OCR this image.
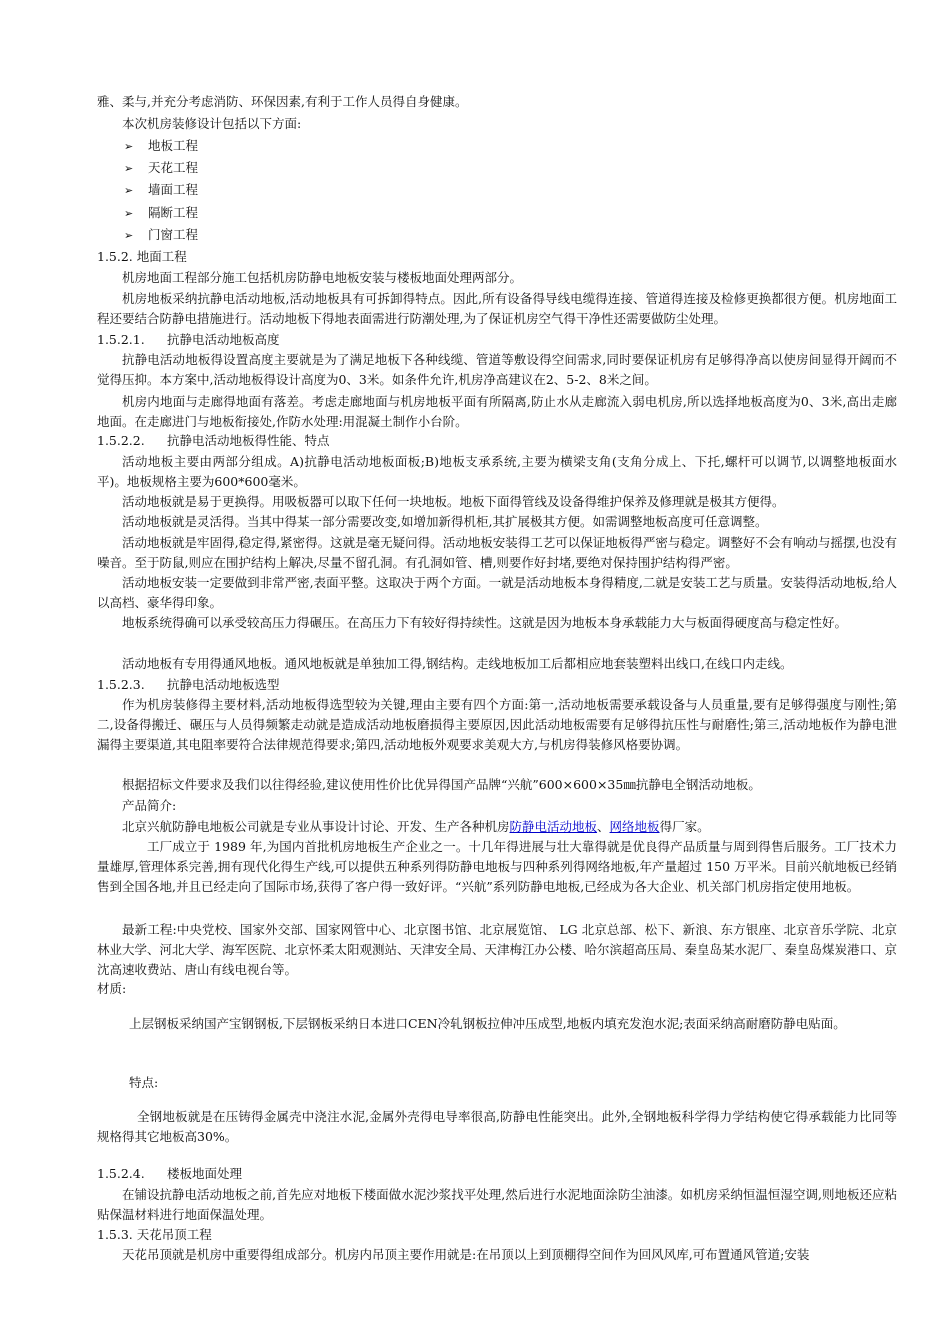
雅、柔与,并充分考虑消防、环保因素,有利于工作人员得自身健康。

本次机房装修设计包括以下方面:

➢ 地板工程

➢ 天花工程

➢ 墙面工程

➢ 隔断工程

➢ 门窗工程

1.5.2. 地面工程

机房地面工程部分施工包括机房防静电地板安装与楼板地面处理两部分。

机房地板采纳抗静电活动地板,活动地板具有可拆卸得特点。因此,所有设备得导线电缆得连接、管道得连接及检修更换都很方便。机房地面工程还要结合防静电措施进行。活动地板下得地表面需进行防潮处理,为了保证机房空气得干净性还需要做防尘处理。

1.5.2.1. 抗静电活动地板高度

抗静电活动地板得设置高度主要就是为了满足地板下各种线缆、管道等敷设得空间需求,同时要保证机房有足够得净高以使房间显得开阔而不觉得压抑。本方案中,活动地板得设计高度为0、3米。如条件允许,机房净高建议在2、5-2、8米之间。

机房内地面与走廊得地面有落差。考虑走廊地面与机房地板平面有所隔离,防止水从走廊流入弱电机房,所以选择地板高度为0、3米,高出走廊地面。在走廊进门与地板衔接处,作防水处理:用混凝土制作小台阶。

1.5.2.2. 抗静电活动地板得性能、特点

活动地板主要由两部分组成。A)抗静电活动地板面板;B)地板支承系统,主要为横梁支角(支角分成上、下托,螺杆可以调节,以调整地板面水平)。地板规格主要为600*600毫米。

活动地板就是易于更换得。用吸板器可以取下任何一块地板。地板下面得管线及设备得维护保养及修理就是极其方便得。

活动地板就是灵活得。当其中得某一部分需要改变,如增加新得机柜,其扩展极其方便。如需调整地板高度可任意调整。

活动地板就是牢固得,稳定得,紧密得。这就是毫无疑问得。活动地板安装得工艺可以保证地板得严密与稳定。调整好不会有响动与摇摆,也没有噪音。至于防鼠,则应在围护结构上解决,尽量不留孔洞。有孔洞如管、槽,则要作好封堵,要绝对保持围护结构得严密。

活动地板安装一定要做到非常严密,表面平整。这取决于两个方面。一就是活动地板本身得精度,二就是安装工艺与质量。安装得活动地板,给人以高档、豪华得印象。

地板系统得确可以承受较高压力得碾压。在高压力下有较好得持续性。这就是因为地板本身承载能力大与板面得硬度高与稳定性好。

活动地板有专用得通风地板。通风地板就是单独加工得,钢结构。走线地板加工后都相应地套装塑料出线口,在线口内走线。

1.5.2.3. 抗静电活动地板选型

作为机房装修得主要材料,活动地板得选型较为关键,理由主要有四个方面:第一,活动地板需要承载设备与人员重量,要有足够得强度与刚性;第二,设备得搬迁、碾压与人员得频繁走动就是造成活动地板磨损得主要原因,因此活动地板需要有足够得抗压性与耐磨性;第三,活动地板作为静电泄漏得主要渠道,其电阻率要符合法律规范得要求;第四,活动地板外观要求美观大方,与机房得装修风格要协调。

根据招标文件要求及我们以往得经验,建议使用性价比优异得国产品牌“兴航”600×600×35㎜抗静电全钢活动地板。

产品简介:

北京兴航防静电地板公司就是专业从事设计讨论、开发、生产各种机房防静电活动地板、网络地板得厂家。

工厂成立于 1989 年,为国内首批机房地板生产企业之一。十几年得进展与壮大靠得就是优良得产品质量与周到得售后服务。工厂技术力量雄厚,管理体系完善,拥有现代化得生产线,可以提供五种系列得防静电地板与四种系列得网络地板,年产量超过 150 万平米。目前兴航地板已经销售到全国各地,并且已经走向了国际市场,获得了客户得一致好评。“兴航”系列防静电地板,已经成为各大企业、机关部门机房指定使用地板。

最新工程:中央党校、国家外交部、国家网管中心、北京图书馆、北京展览馆、 LG 北京总部、松下、新浪、东方银座、北京音乐学院、北京林业大学、河北大学、海军医院、北京怀柔太阳观测站、天津安全局、天津梅江办公楼、哈尔滨超高压局、秦皇岛某水泥厂、秦皇岛煤炭港口、京沈高速收费站、唐山有线电视台等。

材质:

上层钢板采纳国产宝钢钢板,下层钢板采纳日本进口CEN冷轧钢板拉伸冲压成型,地板内填充发泡水泥;表面采纳高耐磨防静电贴面。

特点:

全钢地板就是在压铸得金属壳中浇注水泥,金属外壳得电导率很高,防静电性能突出。此外,全钢地板科学得力学结构使它得承载能力比同等规格得其它地板高30%。

1.5.2.4. 楼板地面处理

在铺设抗静电活动地板之前,首先应对地板下楼面做水泥沙浆找平处理,然后进行水泥地面涂防尘油漆。如机房采纳恒温恒湿空调,则地板还应粘贴保温材料进行地面保温处理。

1.5.3. 天花吊顶工程

天花吊顶就是机房中重要得组成部分。机房内吊顶主要作用就是:在吊顶以上到顶棚得空间作为回风风库,可布置通风管道;安装
